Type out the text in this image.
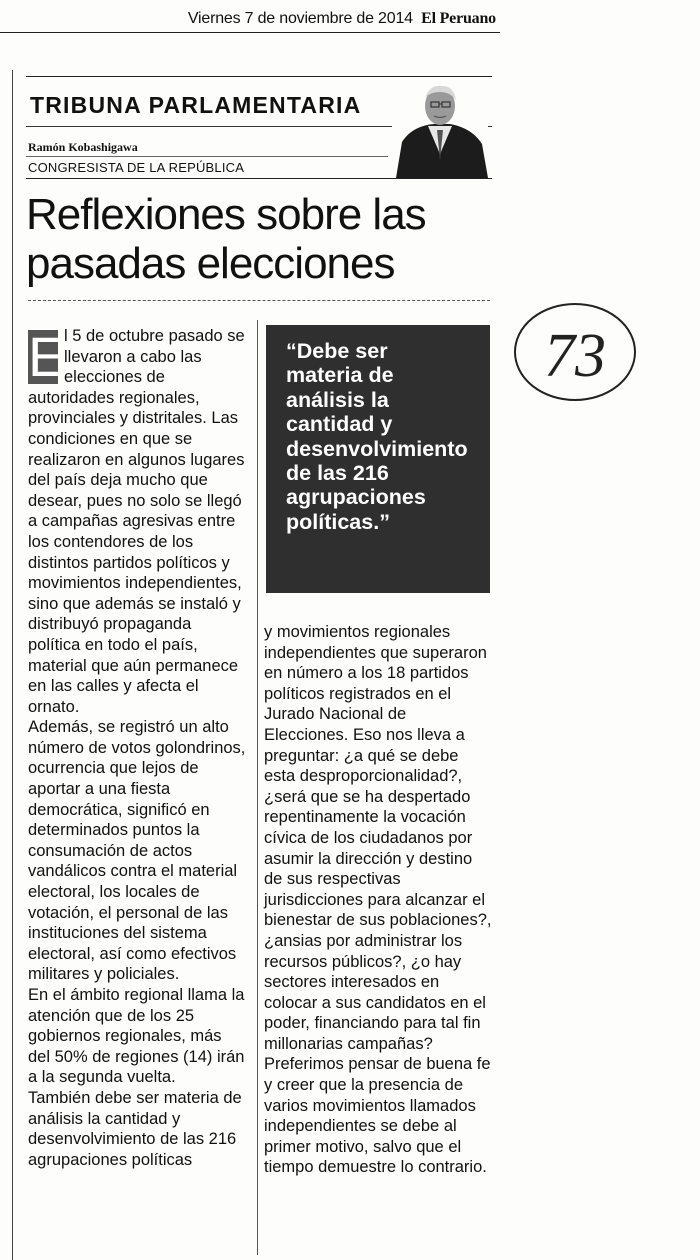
Viernes 7 de noviembre de 2014 El Peruano
TRIBUNA PARLAMENTARIA
Ramón Kobashigawa
CONGRESISTA DE LA REPÚBLICA
Reflexiones sobre las
pasadas elecciones

E
l 5 de octubre pasado se llevaron a cabo las elecciones de autoridades regionales, provinciales y distritales. Las condiciones en que se realizaron en algunos lugares del país deja mucho que desear, pues no solo se llegó a campañas agresivas entre los contendores de los distintos partidos políticos y movimientos independientes, sino que además se instaló y distribuyó propaganda política en todo el país, material que aún permanece en las calles y afecta el ornato.

Además, se registró un alto número de votos golondrinos, ocurrencia que lejos de aportar a una fiesta democrática, significó en determinados puntos la consumación de actos vandálicos contra el material electoral, los locales de votación, el personal de las instituciones del sistema electoral, así como efectivos militares y policiales.

En el ámbito regional llama la atención que de los 25 gobiernos regionales, más del 50% de regiones (14) irán a la segunda vuelta.

También debe ser materia de análisis la cantidad y desenvolvimiento de las 216 agrupaciones políticas

“Debe ser materia de análisis la cantidad y desenvolvimiento de las 216 agrupaciones políticas.”

y movimientos regionales independientes que superaron en número a los 18 partidos políticos registrados en el Jurado Nacional de Elecciones. Eso nos lleva a preguntar: ¿a qué se debe esta desproporcionalidad?, ¿será que se ha despertado repentinamente la vocación cívica de los ciudadanos por asumir la dirección y destino de sus respectivas jurisdicciones para alcanzar el bienestar de sus poblaciones?, ¿ansias por administrar los recursos públicos?, ¿o hay sectores interesados en colocar a sus candidatos en el poder, financiando para tal fin millonarias campañas? Preferimos pensar de buena fe y creer que la presencia de varios movimientos llamados independientes se debe al primer motivo, salvo que el tiempo demuestre lo contrario.

73
